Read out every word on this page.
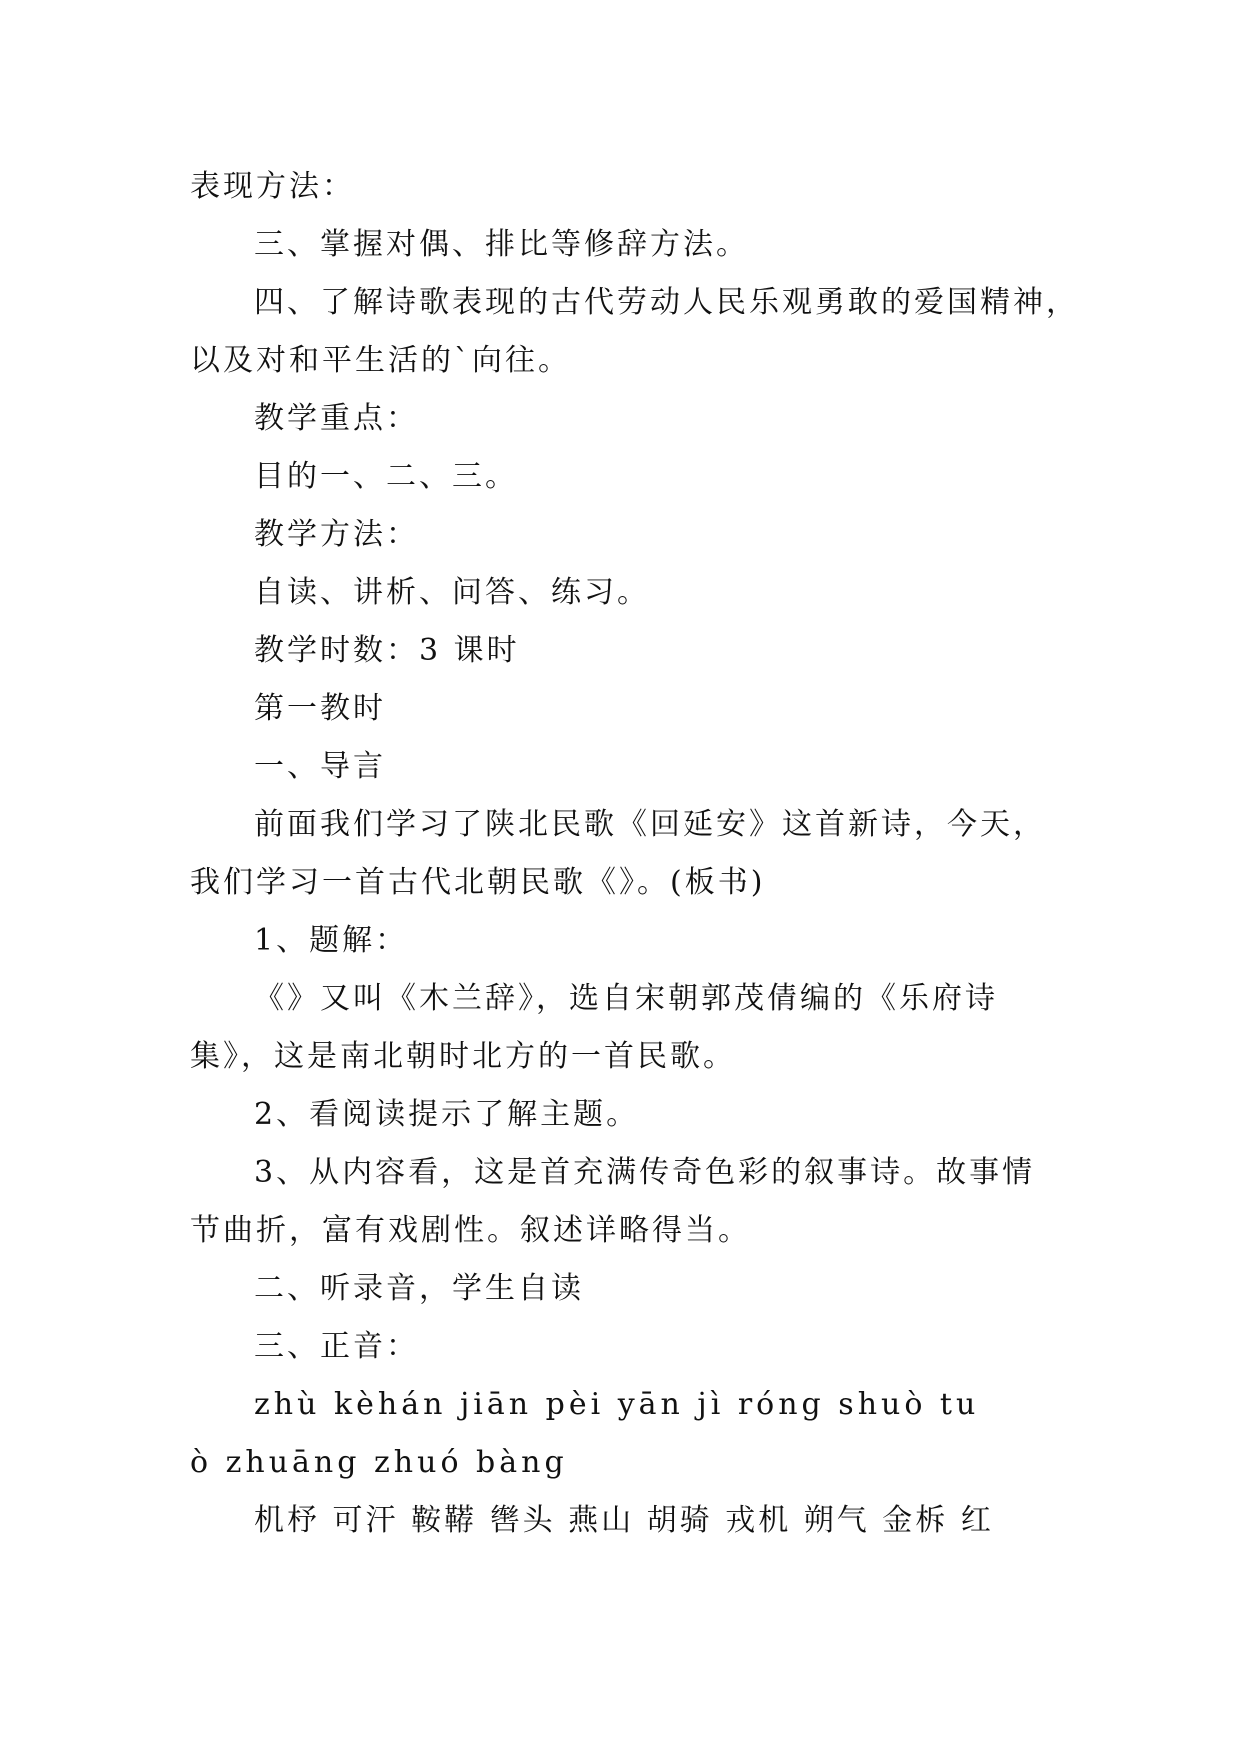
表现方法：
三、掌握对偶、排比等修辞方法。
四、了解诗歌表现的古代劳动人民乐观勇敢的爱国精神，
以及对和平生活的`向往。
教学重点：
目的一、二、三。
教学方法：
自读、讲析、问答、练习。
教学时数：3 课时
第一教时
一、导言
前面我们学习了陕北民歌《回延安》这首新诗，今天，
我们学习一首古代北朝民歌《》。(板书)
1、题解：
《》又叫《木兰辞》，选自宋朝郭茂倩编的《乐府诗
集》，这是南北朝时北方的一首民歌。
2、看阅读提示了解主题。
3、从内容看，这是首充满传奇色彩的叙事诗。故事情
节曲折，富有戏剧性。叙述详略得当。
二、听录音，学生自读
三、正音：
zhù kèhán jiān pèi yān jì róng shuò tu
ò zhuāng zhuó bàng
机杼 可汗 鞍鞯 辔头 燕山 胡骑 戎机 朔气 金柝 红
